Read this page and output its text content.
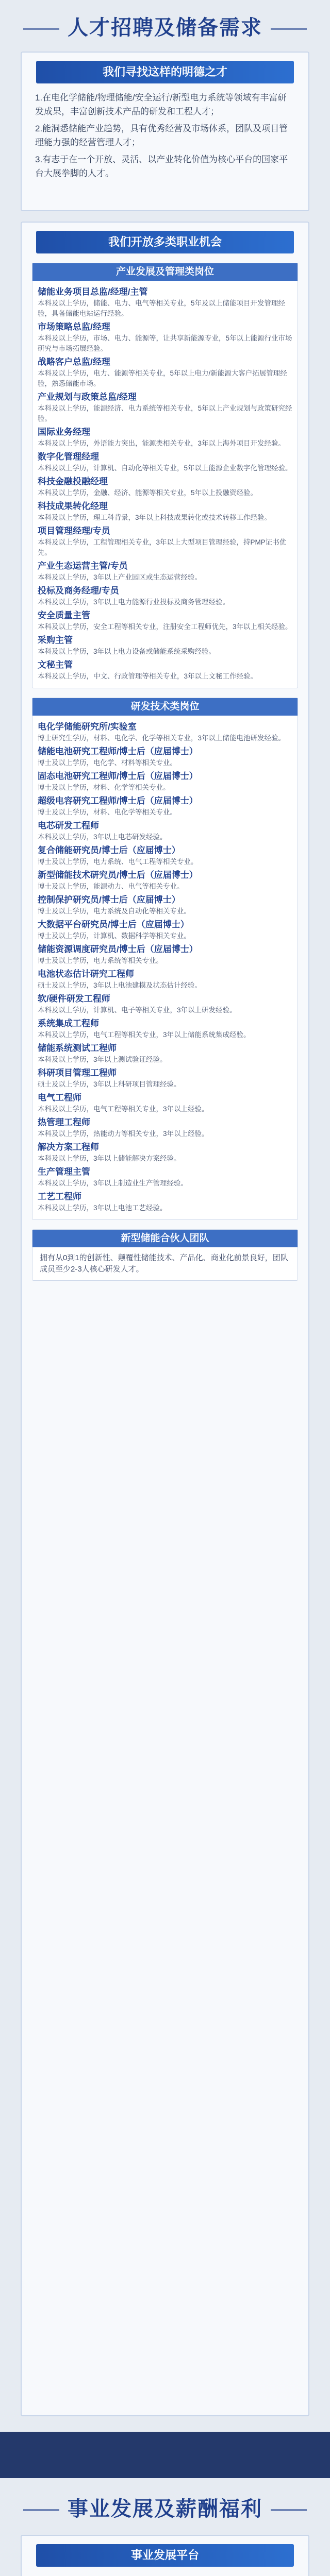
人才招聘及储备需求
我们寻找这样的明德之才

1.在电化学储能/物理储能/安全运行/新型电力系统等领域有丰富研发成果，丰富创新技术产品的研发和工程人才；

2.能洞悉储能产业趋势，具有优秀经营及市场体系，团队及项目管理能力强的经营管理人才；

3.有志于在一个开放、灵活、以产业转化价值为核心平台的国家平台大展拳脚的人才。

我们开放多类职业机会
产业发展及管理类岗位
储能业务项目总监/经理/主管
本科及以上学历，储能、电力、电气等相关专业，5年及以上储能项目开发管理经验，具备储能电站运行经验。
市场策略总监/经理
本科及以上学历，市场、电力、能源等，让共享新能源专业，5年以上能源行业市场研究与市场拓展经验。
战略客户总监/经理
本科及以上学历，电力、能源等相关专业，5年以上电力/新能源大客户拓展管理经验，熟悉储能市场。
产业规划与政策总监/经理
本科及以上学历，能源经济、电力系统等相关专业，5年以上产业规划与政策研究经验。
国际业务经理
本科及以上学历，外语能力突出，能源类相关专业，3年以上海外项目开发经验。
数字化管理经理
本科及以上学历，计算机、自动化等相关专业，5年以上能源企业数字化管理经验。
科技金融投融经理
本科及以上学历，金融、经济、能源等相关专业，5年以上投融资经验。
科技成果转化经理
本科及以上学历，理工科背景，3年以上科技成果转化或技术转移工作经验。
项目管理经理/专员
本科及以上学历，工程管理相关专业，3年以上大型项目管理经验，持PMP证书优先。
产业生态运营主管/专员
本科及以上学历，3年以上产业园区或生态运营经验。
投标及商务经理/专员
本科及以上学历，3年以上电力能源行业投标及商务管理经验。
安全质量主管
本科及以上学历，安全工程等相关专业，注册安全工程师优先，3年以上相关经验。
采购主管
本科及以上学历，3年以上电力设备或储能系统采购经验。
文秘主管
本科及以上学历，中文、行政管理等相关专业，3年以上文秘工作经验。
研发技术类岗位
电化学储能研究所/实验室
博士研究生学历，材料、电化学、化学等相关专业，3年以上储能电池研发经验。
储能电池研究工程师/博士后（应届博士）
博士及以上学历，电化学、材料等相关专业。
固态电池研究工程师/博士后（应届博士）
博士及以上学历，材料、化学等相关专业。
超级电容研究工程师/博士后（应届博士）
博士及以上学历，材料、电化学等相关专业。
电芯研发工程师
本科及以上学历，3年以上电芯研发经验。
复合储能研究员/博士后（应届博士）
博士及以上学历，电力系统、电气工程等相关专业。
新型储能技术研究员/博士后（应届博士）
博士及以上学历，能源动力、电气等相关专业。
控制保护研究员/博士后（应届博士）
博士及以上学历，电力系统及自动化等相关专业。
大数据平台研究员/博士后（应届博士）
博士及以上学历，计算机、数据科学等相关专业。
储能资源调度研究员/博士后（应届博士）
博士及以上学历，电力系统等相关专业。
电池状态估计研究工程师
硕士及以上学历，3年以上电池建模及状态估计经验。
软/硬件研发工程师
本科及以上学历，计算机、电子等相关专业，3年以上研发经验。
系统集成工程师
本科及以上学历，电气工程等相关专业，3年以上储能系统集成经验。
储能系统测试工程师
本科及以上学历，3年以上测试验证经验。
科研项目管理工程师
硕士及以上学历，3年以上科研项目管理经验。
电气工程师
本科及以上学历，电气工程等相关专业，3年以上经验。
热管理工程师
本科及以上学历，热能动力等相关专业，3年以上经验。
解决方案工程师
本科及以上学历，3年以上储能解决方案经验。
生产管理主管
本科及以上学历，3年以上制造业生产管理经验。
工艺工程师
本科及以上学历，3年以上电池工艺经验。
新型储能合伙人团队
拥有从0到1的创新性、颠覆性储能技术、产品化、商业化前景良好，团队成员至少2-3人核心研发人才。
事业发展及薪酬福利
事业发展平台
